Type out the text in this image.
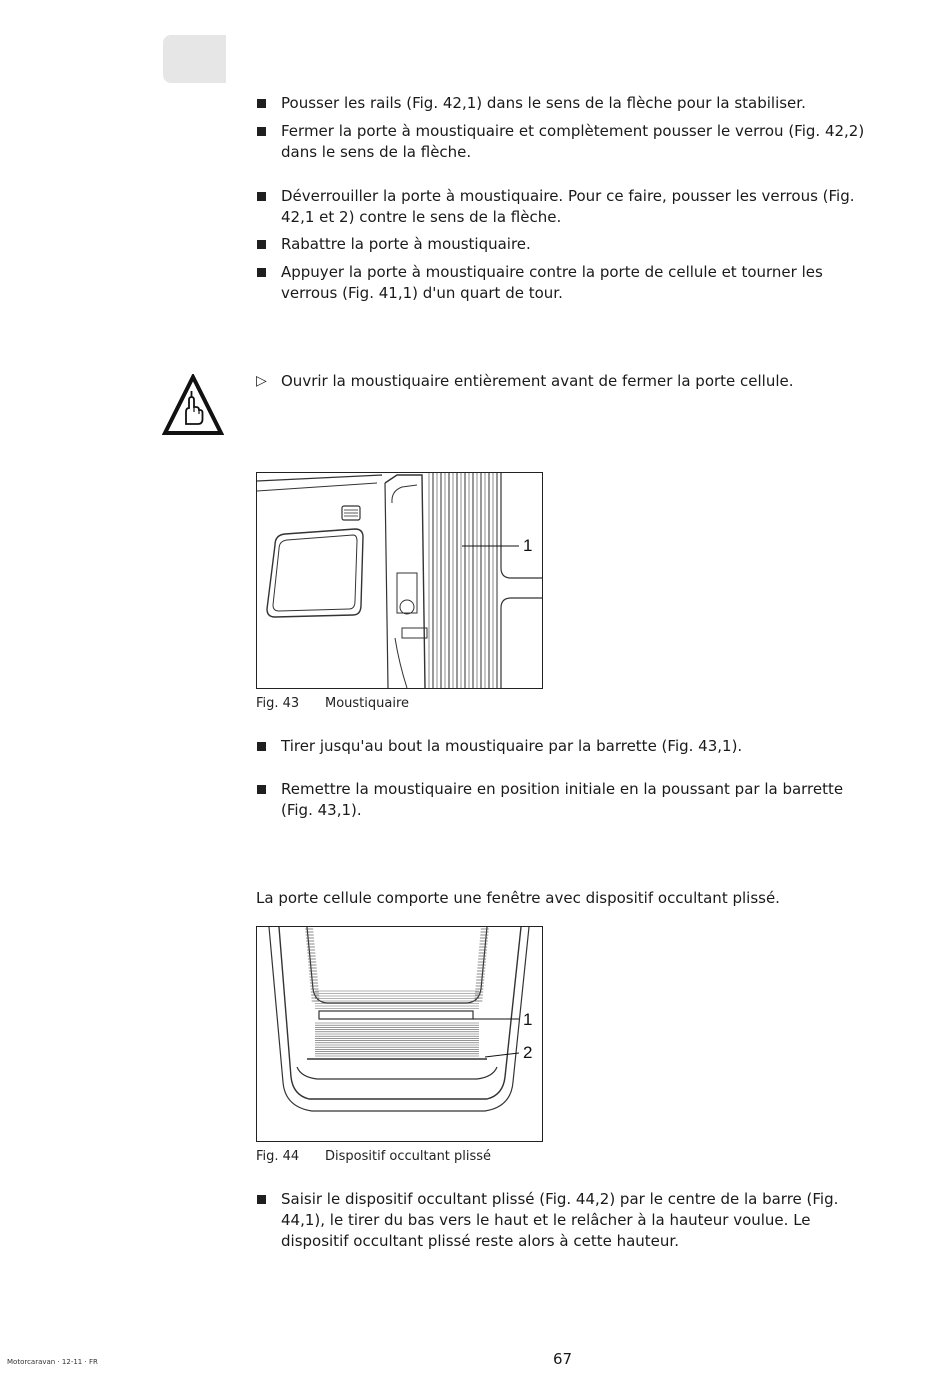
Pousser les rails (Fig. 42,1) dans le sens de la flèche pour la stabiliser.
Fermer la porte à moustiquaire et complètement pousser le verrou (Fig. 42,2) dans le sens de la flèche.
Déverrouiller la porte à moustiquaire. Pour ce faire, pousser les verrous (Fig. 42,1 et 2) contre le sens de la flèche.
Rabattre la porte à moustiquaire.
Appuyer la porte à moustiquaire contre la porte de cellule et tourner les verrous (Fig. 41,1) d'un quart de tour.
▷ Ouvrir la moustiquaire entièrement avant de fermer la porte cellule.
1
Fig. 43 Moustiquaire
Tirer jusqu'au bout la moustiquaire par la barrette (Fig. 43,1).
Remettre la moustiquaire en position initiale en la poussant par la barrette (Fig. 43,1).
La porte cellule comporte une fenêtre avec dispositif occultant plissé.
1
2
Fig. 44 Dispositif occultant plissé
Saisir le dispositif occultant plissé (Fig. 44,2) par le centre de la barre (Fig. 44,1), le tirer du bas vers le haut et le relâcher à la hauteur voulue. Le dispositif occultant plissé reste alors à cette hauteur.
67
Motorcaravan · 12-11 · FR
